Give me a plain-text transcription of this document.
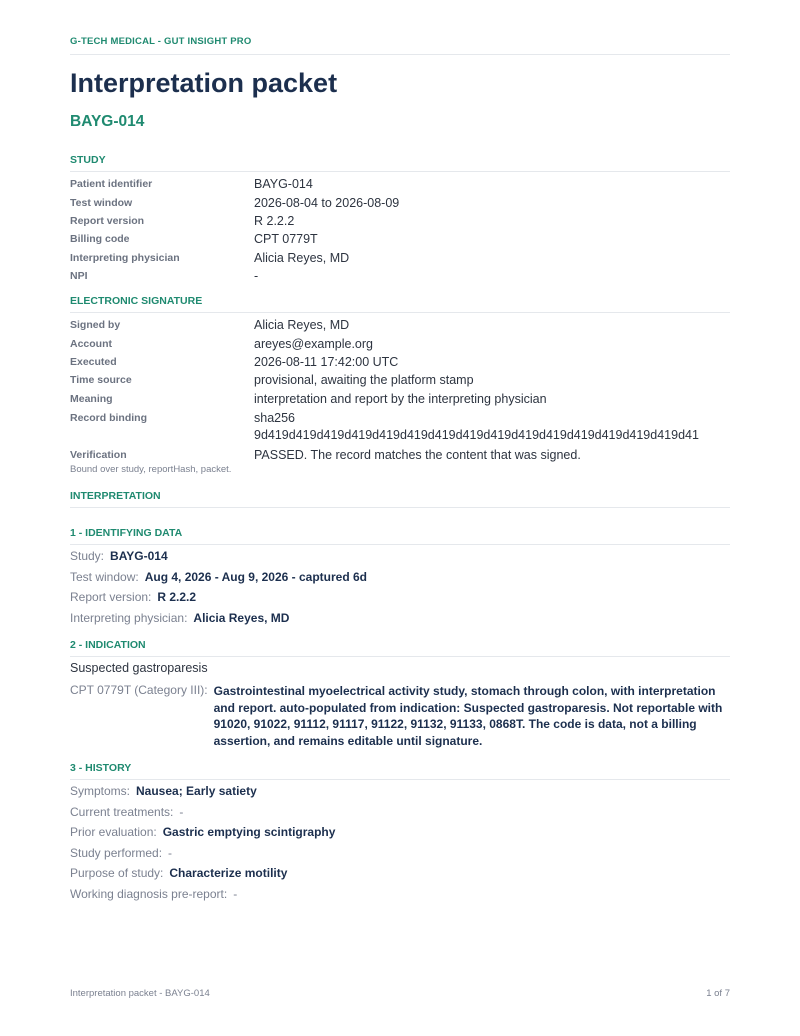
G-TECH MEDICAL - GUT INSIGHT PRO
Interpretation packet
BAYG-014
STUDY
Patient identifier	BAYG-014
Test window	2026-08-04 to 2026-08-09
Report version	R 2.2.2
Billing code	CPT 0779T
Interpreting physician	Alicia Reyes, MD
NPI	-
ELECTRONIC SIGNATURE
Signed by	Alicia Reyes, MD
Account	areyes@example.org
Executed	2026-08-11 17:42:00 UTC
Time source	provisional, awaiting the platform stamp
Meaning	interpretation and report by the interpreting physician
Record binding	sha256
9d419d419d419d419d419d419d419d419d419d419d419d419d419d419d419d41
Verification	PASSED. The record matches the content that was signed.
Bound over study, reportHash, packet.
INTERPRETATION
1 - IDENTIFYING DATA
Study: BAYG-014
Test window: Aug 4, 2026 - Aug 9, 2026 - captured 6d
Report version: R 2.2.2
Interpreting physician: Alicia Reyes, MD
2 - INDICATION
Suspected gastroparesis
CPT 0779T (Category III): Gastrointestinal myoelectrical activity study, stomach through colon, with interpretation and report. auto-populated from indication: Suspected gastroparesis. Not reportable with 91020, 91022, 91112, 91117, 91122, 91132, 91133, 0868T. The code is data, not a billing assertion, and remains editable until signature.
3 - HISTORY
Symptoms: Nausea; Early satiety
Current treatments: -
Prior evaluation: Gastric emptying scintigraphy
Study performed: -
Purpose of study: Characterize motility
Working diagnosis pre-report: -
Interpretation packet - BAYG-014	1 of 7
